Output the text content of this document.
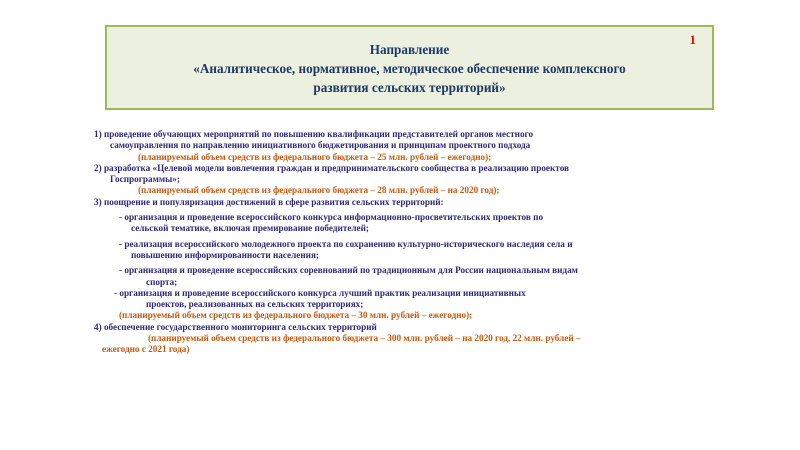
1
Направление
«Аналитическое, нормативное, методическое обеспечение комплексного
развития сельских территорий»
1) проведение обучающих мероприятий по повышению квалификации представителей органов местного
самоуправления по направлению инициативного бюджетирования и принципам проектного подхода
(планируемый объем средств из федерального бюджета – 25 млн. рублей – ежегодно);
2) разработка «Целевой модели вовлечения граждан и предпринимательского сообщества в реализацию проектов
Госпрограммы»;
(планируемый объем средств из федерального бюджета – 28 млн. рублей – на 2020 год);
3) поощрение и популяризация достижений в сфере развития сельских территорий:
- организация и проведение всероссийского конкурса информационно-просветительских проектов по
сельской тематике, включая премирование победителей;
- реализация всероссийского молодежного проекта по сохранению культурно-исторического наследия села и
повышению информированности населения;
- организация и проведение всероссийских соревнований по традиционным для России национальным видам
спорта;
- организация и проведение всероссийского конкурса лучший практик реализации инициативных
проектов, реализованных на сельских территориях;
(планируемый объем средств из федерального бюджета – 30 млн. рублей – ежегодно);
4) обеспечение государственного мониторинга сельских территорий
(планируемый объем средств из федерального бюджета – 300 млн. рублей – на 2020 год, 22 млн. рублей –
ежегодно с 2021 года)
